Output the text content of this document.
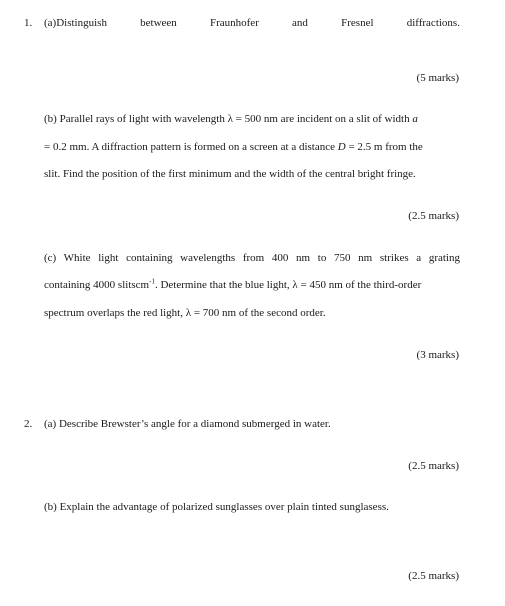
1. (a)Distinguish	between	Fraunhofer	and	Fresnel	diffractions.
(5 marks)
(b) Parallel rays of light with wavelength λ = 500 nm are incident on a slit of width a
= 0.2 mm. A diffraction pattern is formed on a screen at a distance D = 2.5 m from the
slit. Find the position of the first minimum and the width of the central bright fringe.
(2.5 marks)
(c) White light containing wavelengths from 400 nm to 750 nm strikes a grating
containing 4000 slitscm$^{-1}$. Determine that the blue light, λ = 450 nm of the third-order
spectrum overlaps the red light, λ = 700 nm of the second order.
(3 marks)
2. (a) Describe Brewster’s angle for a diamond submerged in water.
(2.5 marks)
(b) Explain the advantage of polarized sunglasses over plain tinted sunglasess.
(2.5 marks)
